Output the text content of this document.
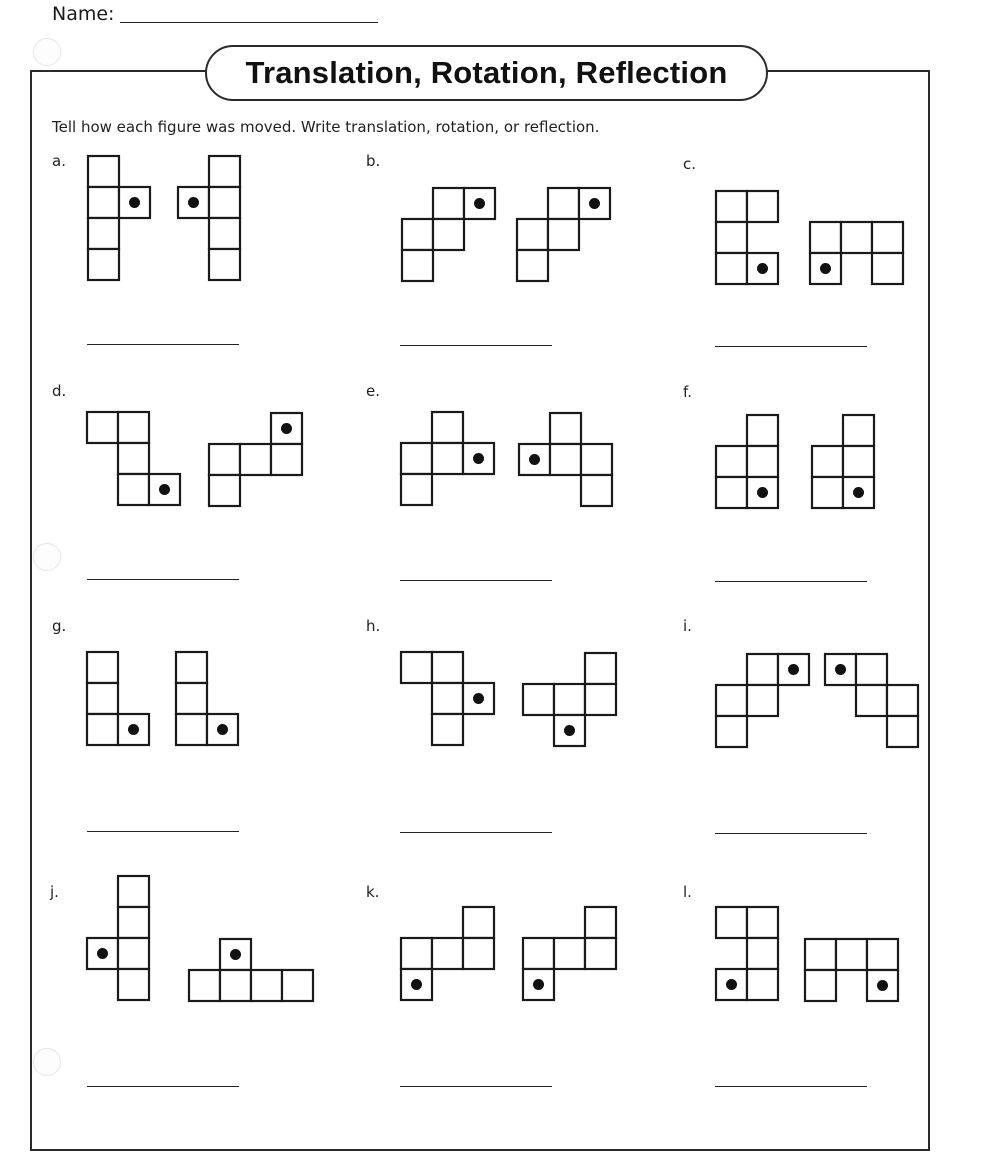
Name:
Translation, Rotation, Reflection
Tell how each figure was moved. Write translation, rotation, or reflection.
a.	b.	c.
d.	e.	f.
g.	h.	i.
j.	k.	l.
